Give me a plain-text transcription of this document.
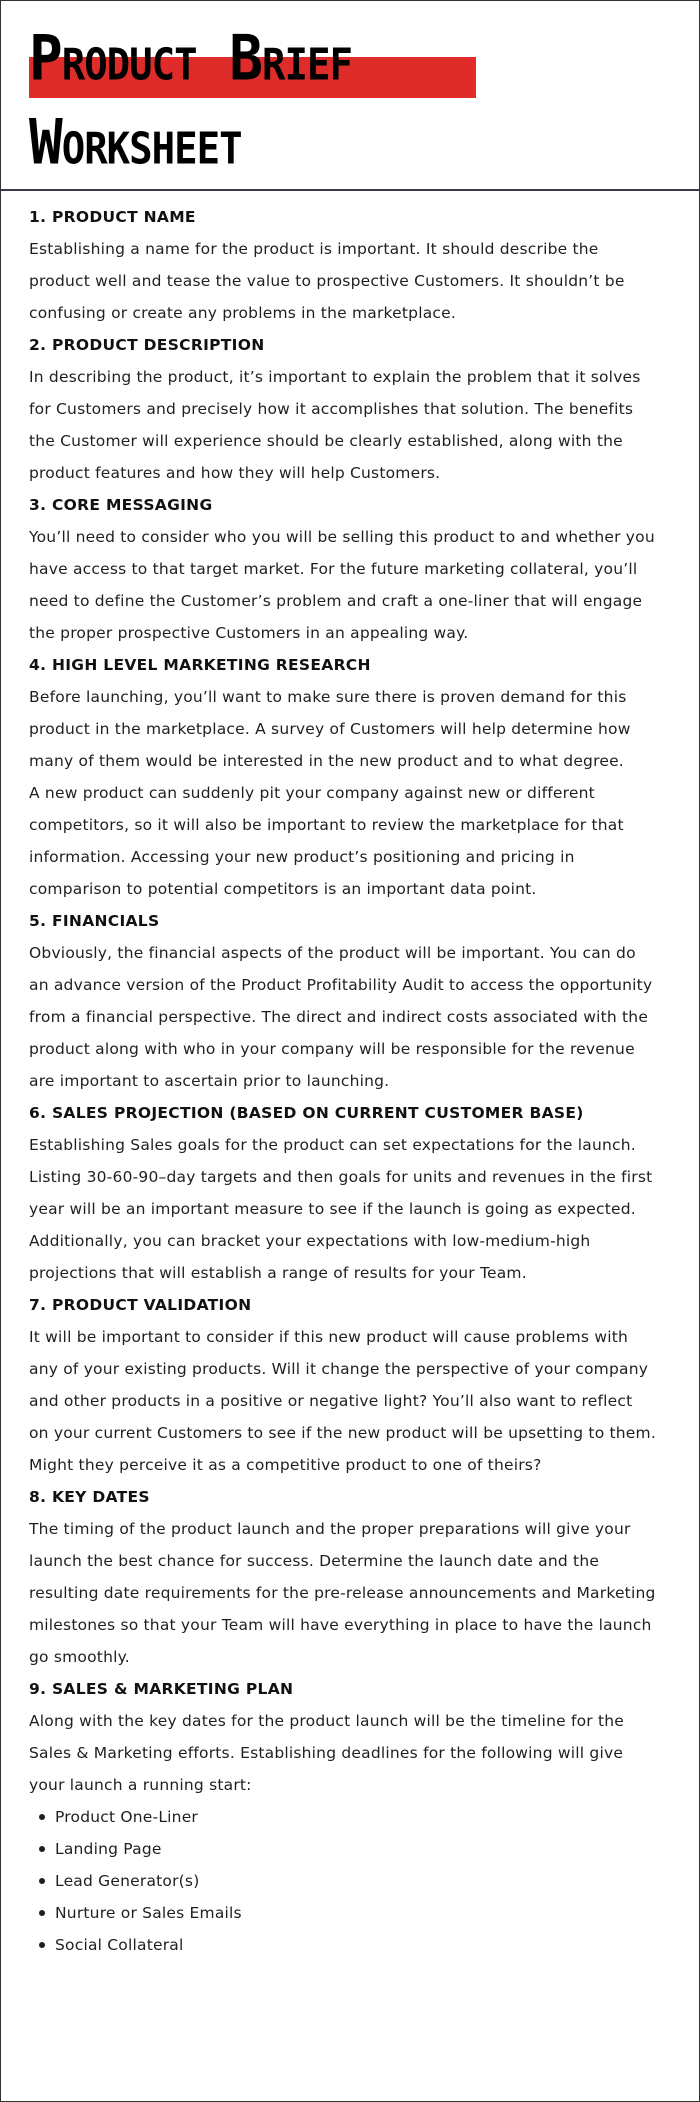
Product Brief
Worksheet
1. PRODUCT NAME

Establishing a name for the product is important. It should describe the product well and tease the value to prospective Customers. It shouldn’t be confusing or create any problems in the marketplace.

2. PRODUCT DESCRIPTION

In describing the product, it’s important to explain the problem that it solves for Customers and precisely how it accomplishes that solution. The benefits the Customer will experience should be clearly established, along with the product features and how they will help Customers.

3. CORE MESSAGING

You’ll need to consider who you will be selling this product to and whether you have access to that target market. For the future marketing collateral, you’ll need to define the Customer’s problem and craft a one-liner that will engage the proper prospective Customers in an appealing way.

4. HIGH LEVEL MARKETING RESEARCH

Before launching, you’ll want to make sure there is proven demand for this product in the marketplace. A survey of Customers will help determine how many of them would be interested in the new product and to what degree.

A new product can suddenly pit your company against new or different competitors, so it will also be important to review the marketplace for that information. Accessing your new product’s positioning and pricing in comparison to potential competitors is an important data point.

5. FINANCIALS

Obviously, the financial aspects of the product will be important. You can do an advance version of the Product Profitability Audit to access the opportunity from a financial perspective. The direct and indirect costs associated with the product along with who in your company will be responsible for the revenue are important to ascertain prior to launching.

6. SALES PROJECTION (BASED ON CURRENT CUSTOMER BASE)

Establishing Sales goals for the product can set expectations for the launch. Listing 30-60-90–day targets and then goals for units and revenues in the first year will be an important measure to see if the launch is going as expected. Additionally, you can bracket your expectations with low-medium-high projections that will establish a range of results for your Team.

7. PRODUCT VALIDATION

It will be important to consider if this new product will cause problems with any of your existing products. Will it change the perspective of your company and other products in a positive or negative light? You’ll also want to reflect on your current Customers to see if the new product will be upsetting to them. Might they perceive it as a competitive product to one of theirs?

8. KEY DATES

The timing of the product launch and the proper preparations will give your launch the best chance for success. Determine the launch date and the resulting date requirements for the pre-release announcements and Marketing milestones so that your Team will have everything in place to have the launch go smoothly.

9. SALES & MARKETING PLAN

Along with the key dates for the product launch will be the timeline for the Sales & Marketing efforts. Establishing deadlines for the following will give your launch a running start:

Product One-Liner
Landing Page
Lead Generator(s)
Nurture or Sales Emails
Social Collateral
